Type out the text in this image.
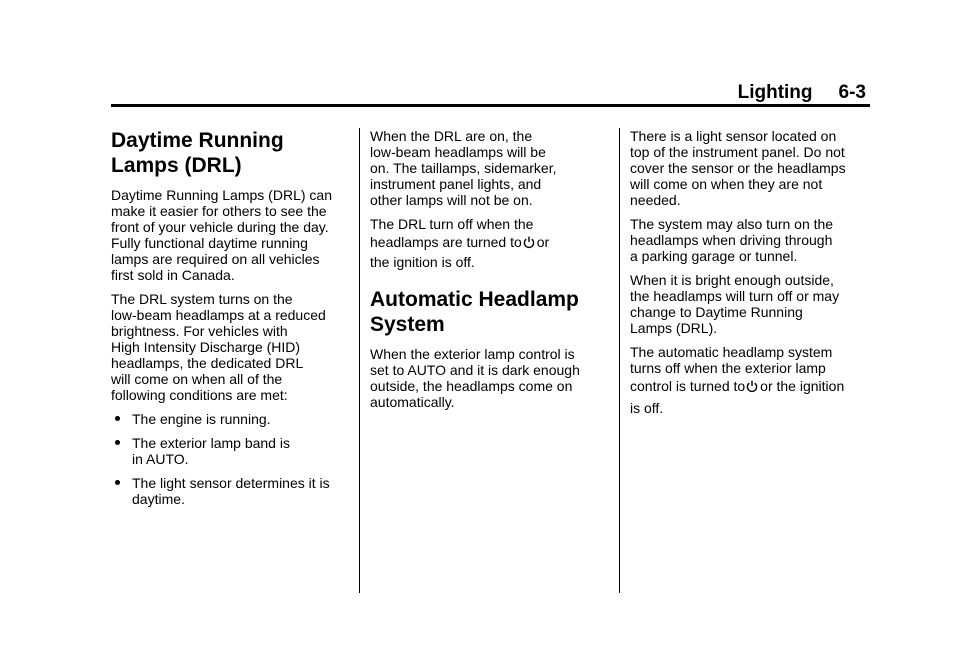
Lighting 6-3
Daytime Running
Lamps (DRL)

Daytime Running Lamps (DRL) can
make it easier for others to see the
front of your vehicle during the day.
Fully functional daytime running
lamps are required on all vehicles
first sold in Canada.

The DRL system turns on the
low-beam headlamps at a reduced
brightness. For vehicles with
High Intensity Discharge (HID)
headlamps, the dedicated DRL
will come on when all of the
following conditions are met:

The engine is running.
The exterior lamp band is
in AUTO.
The light sensor determines it is
daytime.

When the DRL are on, the
low-beam headlamps will be
on. The taillamps, sidemarker,
instrument panel lights, and
other lamps will not be on.

The DRL turn off when the
headlamps are turned to or
the ignition is off.

Automatic Headlamp
System

When the exterior lamp control is
set to AUTO and it is dark enough
outside, the headlamps come on
automatically.

There is a light sensor located on
top of the instrument panel. Do not
cover the sensor or the headlamps
will come on when they are not
needed.

The system may also turn on the
headlamps when driving through
a parking garage or tunnel.

When it is bright enough outside,
the headlamps will turn off or may
change to Daytime Running
Lamps (DRL).

The automatic headlamp system
turns off when the exterior lamp
control is turned to or the ignition
is off.
